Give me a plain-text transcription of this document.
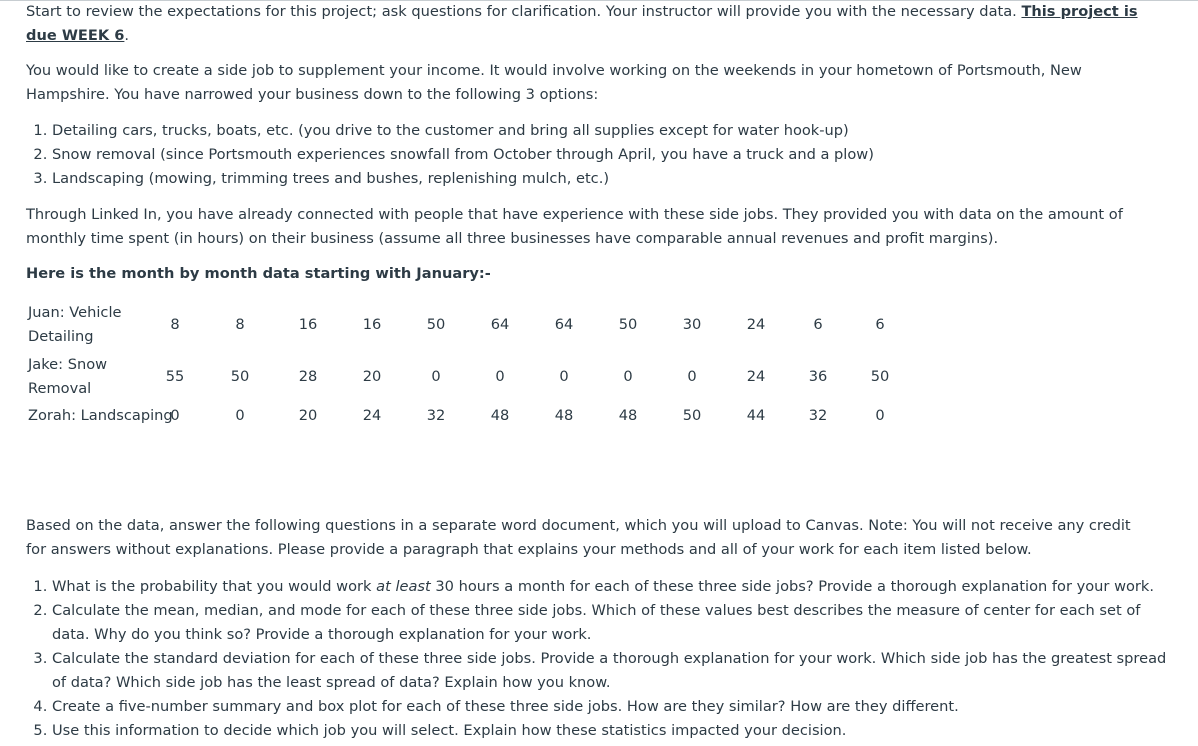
Start to review the expectations for this project; ask questions for clarification. Your instructor will provide you with the necessary data. This project is due WEEK 6.

You would like to create a side job to supplement your income. It would involve working on the weekends in your hometown of Portsmouth, New Hampshire. You have narrowed your business down to the following 3 options:

1. Detailing cars, trucks, boats, etc. (you drive to the customer and bring all supplies except for water hook-up)
2. Snow removal (since Portsmouth experiences snowfall from October through April, you have a truck and a plow)
3. Landscaping (mowing, trimming trees and bushes, replenishing mulch, etc.)

Through Linked In, you have already connected with people that have experience with these side jobs. They provided you with data on the amount of monthly time spent (in hours) on their business (assume all three businesses have comparable annual revenues and profit margins).

Here is the month by month data starting with January:-

Juan: Vehicle
Detailing
8	8	16	16	50	64	64	50	30	24	6	6
Jake: Snow
Removal
55	50	28	20	0	0	0	0	0	24	36	50
Zorah: Landscaping
0	0	20	24	32	48	48	48	50	44	32	0

Based on the data, answer the following questions in a separate word document, which you will upload to Canvas. Note: You will not receive any credit for answers without explanations. Please provide a paragraph that explains your methods and all of your work for each item listed below.

1. What is the probability that you would work at least 30 hours a month for each of these three side jobs? Provide a thorough explanation for your work.
2. Calculate the mean, median, and mode for each of these three side jobs. Which of these values best describes the measure of center for each set of data. Why do you think so? Provide a thorough explanation for your work.
3. Calculate the standard deviation for each of these three side jobs. Provide a thorough explanation for your work. Which side job has the greatest spread of data? Which side job has the least spread of data? Explain how you know.
4. Create a five-number summary and box plot for each of these three side jobs. How are they similar? How are they different.
5. Use this information to decide which job you will select. Explain how these statistics impacted your decision.
